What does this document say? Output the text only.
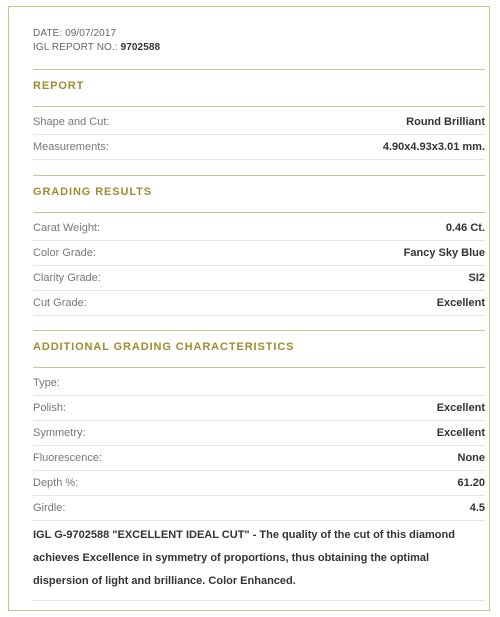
DATE: 09/07/2017
IGL REPORT NO.: 9702588
REPORT
Shape and Cut:	Round Brilliant
Measurements:	4.90x4.93x3.01 mm.
GRADING RESULTS
Carat Weight:	0.46 Ct.
Color Grade:	Fancy Sky Blue
Clarity Grade:	SI2
Cut Grade:	Excellent
ADDITIONAL GRADING CHARACTERISTICS
Type:
Polish:	Excellent
Symmetry:	Excellent
Fluorescence:	None
Depth %:	61.20
Girdle:	4.5
IGL G-9702588 "EXCELLENT IDEAL CUT" - The quality of the cut of this diamond achieves Excellence in symmetry of proportions, thus obtaining the optimal dispersion of light and brilliance. Color Enhanced.
